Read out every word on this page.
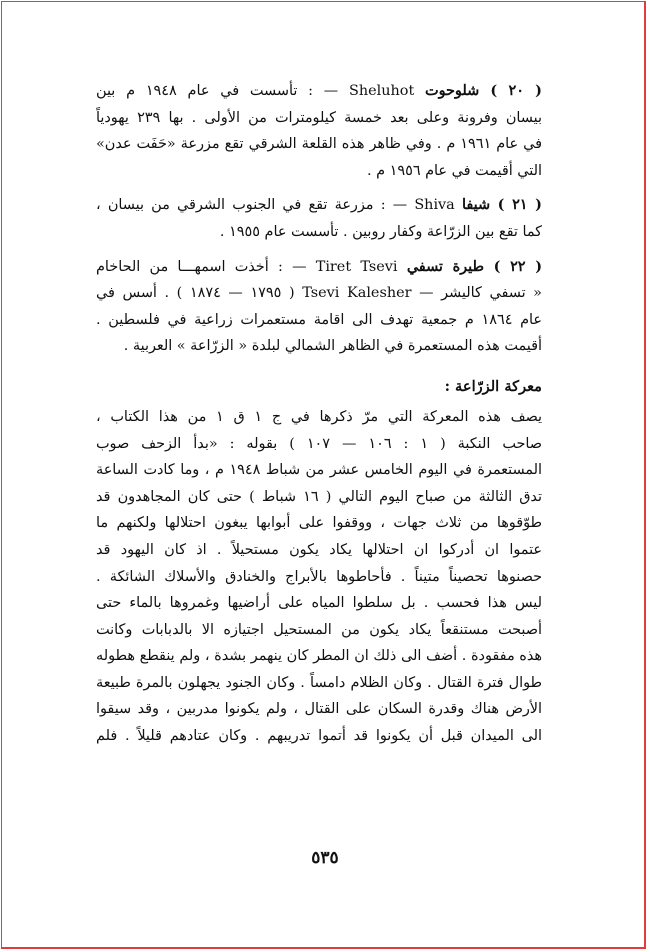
( ٢٠ ) شلوحوت Sheluhot — : تأسست في عام ١٩٤٨ م بين
بيسان وفرونة وعلى بعد خمسة كيلومترات من الأولى . بها ٢٣٩ يهودياً
في عام ١٩٦١ م . وفي ظاهر هذه القلعة الشرقي تقع مزرعة «حَفَت عدن»
التي أقيمت في عام ١٩٥٦ م .
( ٢١ ) شيفا Shiva — : مزرعة تقع في الجنوب الشرقي من بيسان ،
كما تقع بين الزرّاعة وكفار روبين . تأسست عام ١٩٥٥ .
( ٢٢ ) طيرة تسفي Tiret Tsevi — : أخذت اسمهـــا من الحاخام
« تسفي كاليشر — Tsevi Kalesher ( ١٧٩٥ — ١٨٧٤ ) . أسس في
عام ١٨٦٤ م جمعية تهدف الى اقامة مستعمرات زراعية في فلسطين .
أقيمت هذه المستعمرة في الظاهر الشمالي لبلدة « الزرّاعة » العربية .
معركة الزرّاعة :
يصف هذه المعركة التي مرّ ذكرها في ج ١ ق ١ من هذا الكتاب ،
صاحب النكبة ( ١ : ١٠٦ — ١٠٧ ) بقوله : «بدأ الزحف صوب
المستعمرة في اليوم الخامس عشر من شباط ١٩٤٨ م ، وما كادت الساعة
تدق الثالثة من صباح اليوم التالي ( ١٦ شباط ) حتى كان المجاهدون قد
طوّقوها من ثلاث جهات ، ووقفوا على أبوابها يبغون احتلالها ولكنهم ما
عتموا ان أدركوا ان احتلالها يكاد يكون مستحيلاً . اذ كان اليهود قد
حصنوها تحصيناً متيناً . فأحاطوها بالأبراج والخنادق والأسلاك الشائكة .
ليس هذا فحسب . بل سلطوا المياه على أراضيها وغمروها بالماء حتى
أصبحت مستنقعاً يكاد يكون من المستحيل اجتيازه الا بالدبابات وكانت
هذه مفقودة . أضف الى ذلك ان المطر كان ينهمر بشدة ، ولم ينقطع هطوله
طوال فترة القتال . وكان الظلام دامساً . وكان الجنود يجهلون بالمرة طبيعة
الأرض هناك وقدرة السكان على القتال ، ولم يكونوا مدربين ، وقد سيقوا
الى الميدان قبل أن يكونوا قد أتموا تدريبهم . وكان عتادهم قليلاً . فلم
٥٣٥
